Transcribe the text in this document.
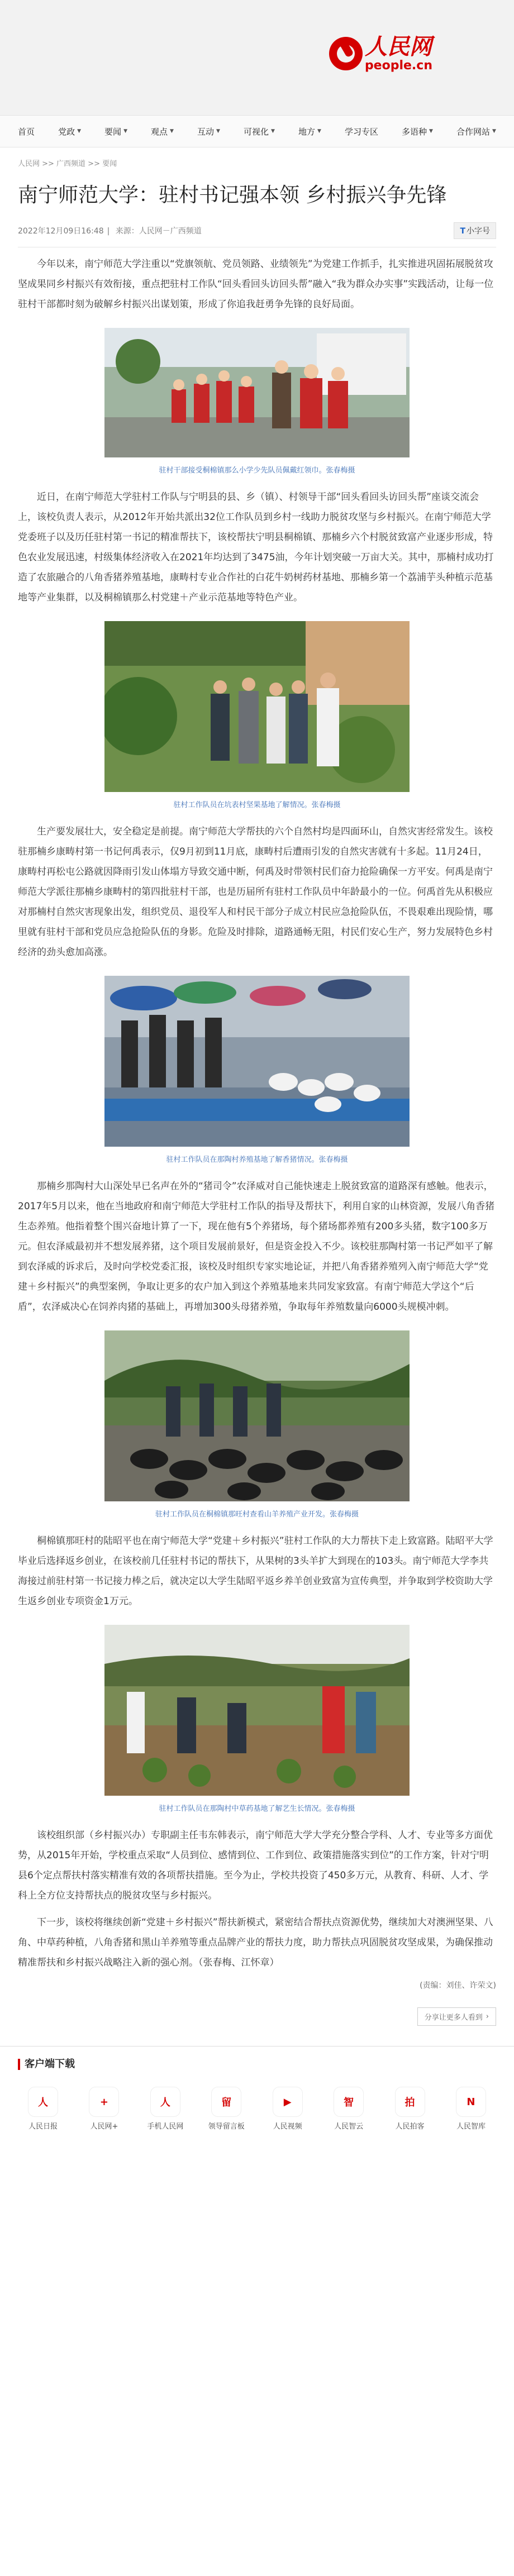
人民网
people.cn
首页	党政 ▼	要闻 ▼	观点 ▼	互动 ▼	可视化 ▼	地方 ▼	学习专区	多语种 ▼	合作网站 ▼
人民网 >> 广西频道 >> 要闻
南宁师范大学：驻村书记强本领 乡村振兴争先锋
2022年12月09日16:48 | 来源：人民网－广西频道	T 小字号

今年以来，南宁师范大学注重以“党旗领航、党员领路、业绩领先”为党建工作抓手，扎实推进巩固拓展脱贫攻坚成果同乡村振兴有效衔接，重点把驻村工作队“回头看回头访回头帮”融入“我为群众办实事”实践活动，让每一位驻村干部都时刻为破解乡村振兴出谋划策，形成了你追我赶勇争先锋的良好局面。

驻村干部接受桐棉镇那么小学少先队员佩戴红领巾。张春梅摄

近日，在南宁师范大学驻村工作队与宁明县的县、乡（镇）、村领导干部“回头看回头访回头帮”座谈交流会上，该校负责人表示，从2012年开始共派出32位工作队员到乡村一线助力脱贫攻坚与乡村振兴。在南宁师范大学党委班子以及历任驻村第一书记的精准帮扶下，该校帮扶宁明县桐棉镇、那楠乡六个村脱贫致富产业逐步形成，特色农业发展迅速，村级集体经济收入在2021年均达到了3475油，今年计划突破一万亩大关。其中，那楠村成功打造了农旅融合的八角香猪养殖基地，康畴村专业合作社的白花牛奶树药材基地、那楠乡第一个荔浦芋头种植示范基地等产业集群，以及桐棉镇那么村党建＋产业示范基地等特色产业。

驻村工作队员在坑表村坚果基地了解情况。张春梅摄

生产要发展壮大，安全稳定是前提。南宁师范大学帮扶的六个自然村均是四面环山，自然灾害经常发生。该校驻那楠乡康畴村第一书记何禹表示，仅9月初到11月底，康畴村后遭雨引发的自然灾害就有十多起。11月24日，康畴村再松屯公路就因降雨引发山体塌方导致交通中断，何禹及时带领村民们奋力抢险确保一方平安。何禹是南宁师范大学派往那楠乡康畴村的第四批驻村干部，也是历届所有驻村工作队员中年龄最小的一位。何禹首先从积极应对那楠村自然灾害现象出发，组织党员、退役军人和村民干部分子成立村民应急抢险队伍，不畏艰难出现险情，哪里就有驻村干部和党员应急抢险队伍的身影。危险及时排除，道路通畅无阻，村民们安心生产，努力发展特色乡村经济的劲头愈加高涨。

驻村工作队员在那陶村养殖基地了解香猪情况。张春梅摄

那楠乡那陶村大山深处早已名声在外的“猪司令”农泽威对自己能快速走上脱贫致富的道路深有感触。他表示，2017年5月以来，他在当地政府和南宁师范大学驻村工作队的指导及帮扶下，利用自家的山林资源，发展八角香猪生态养殖。他指着整个围兴奋地计算了一下，现在他有5个养猪场，每个猪场都养殖有200多头猪，数字100多万元。但农泽威最初并不想发展养猪，这个项目发展前景好，但是资金投入不少。该校驻那陶村第一书记严如平了解到农泽威的诉求后，及时向学校党委汇报，该校及时组织专家实地论证，并把八角香猪养殖列入南宁师范大学“党建＋乡村振兴”的典型案例，争取让更多的农户加入到这个养殖基地来共同发家致富。有南宁师范大学这个“后盾”，农泽威决心在饲养肉猪的基础上，再增加300头母猪养殖，争取每年养殖数量向6000头规模冲刺。

驻村工作队员在桐棉镇那旺村查看山羊养殖产业开发。张春梅摄

桐棉镇那旺村的陆昭平也在南宁师范大学“党建＋乡村振兴”驻村工作队的大力帮扶下走上致富路。陆昭平大学毕业后选择返乡创业，在该校前几任驻村书记的帮扶下，从果树的3头羊扩大到现在的103头。南宁师范大学李共海接过前驻村第一书记接力棒之后，就决定以大学生陆昭平返乡养羊创业致富为宣传典型，并争取到学校资助大学生返乡创业专项资金1万元。

驻村工作队员在那陶村中草药基地了解艺生长情况。张春梅摄

该校组织部（乡村振兴办）专职副主任韦东韩表示，南宁师范大学大学充分整合学科、人才、专业等多方面优势，从2015年开始，学校重点采取“人员到位、感情到位、工作到位、政策措施落实到位”的工作方案，针对宁明县6个定点帮扶村落实精准有效的各项帮扶措施。至今为止，学校共投资了450多万元，从教育、科研、人才、学科上全方位支持帮扶点的脱贫攻坚与乡村振兴。

下一步，该校将继续创新“党建＋乡村振兴”帮扶新模式，紧密结合帮扶点资源优势，继续加大对澳洲坚果、八角、中草药种植，八角香猪和黑山羊养殖等重点品牌产业的帮扶力度，助力帮扶点巩固脱贫攻坚成果，为确保推动精准帮扶和乡村振兴战略注入新的强心剂。（张春梅、江怀章）

(责编：刘佳、许荣文)
分享让更多人看到 ›
客户端下载
人
人民日报
+
人民网+
人
手机人民网
留
领导留言板
▶
人民视频
智
人民智云
拍
人民拍客
N
人民智库
